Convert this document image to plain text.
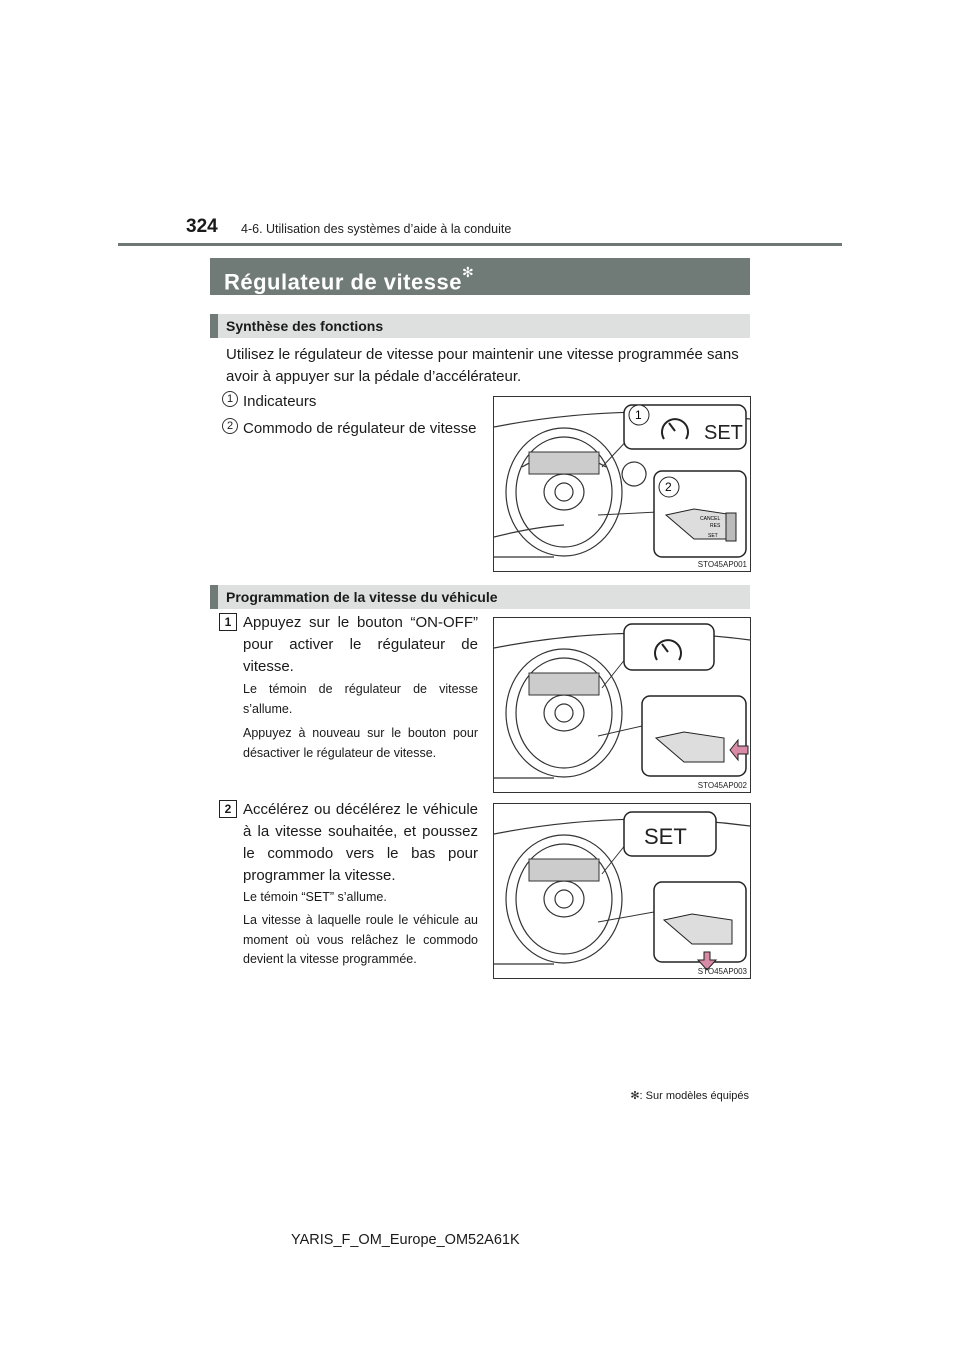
324 4-6. Utilisation des systèmes d’aide à la conduite
Régulateur de vitesse✻
Synthèse des fonctions
Utilisez le régulateur de vitesse pour maintenir une vitesse programmée sans avoir à appuyer sur la pédale d’accélérateur.
1 Indicateurs
2 Commodo de régulateur de vitesse
1
SET
2
CANCEL
RES
SET
STO45AP001
Programmation de la vitesse du véhicule
1 Appuyez sur le bouton “ON-OFF” pour activer le régulateur de vitesse.
Le témoin de régulateur de vitesse s’allume.
Appuyez à nouveau sur le bouton pour désactiver le régulateur de vitesse.
STO45AP002
2 Accélérez ou décélérez le véhicule à la vitesse souhaitée, et poussez le commodo vers le bas pour programmer la vitesse.
Le témoin “SET” s’allume.
La vitesse à laquelle roule le véhicule au moment où vous relâchez le commodo devient la vitesse programmée.
SET
STO45AP003
✻: Sur modèles équipés
YARIS_F_OM_Europe_OM52A61K
